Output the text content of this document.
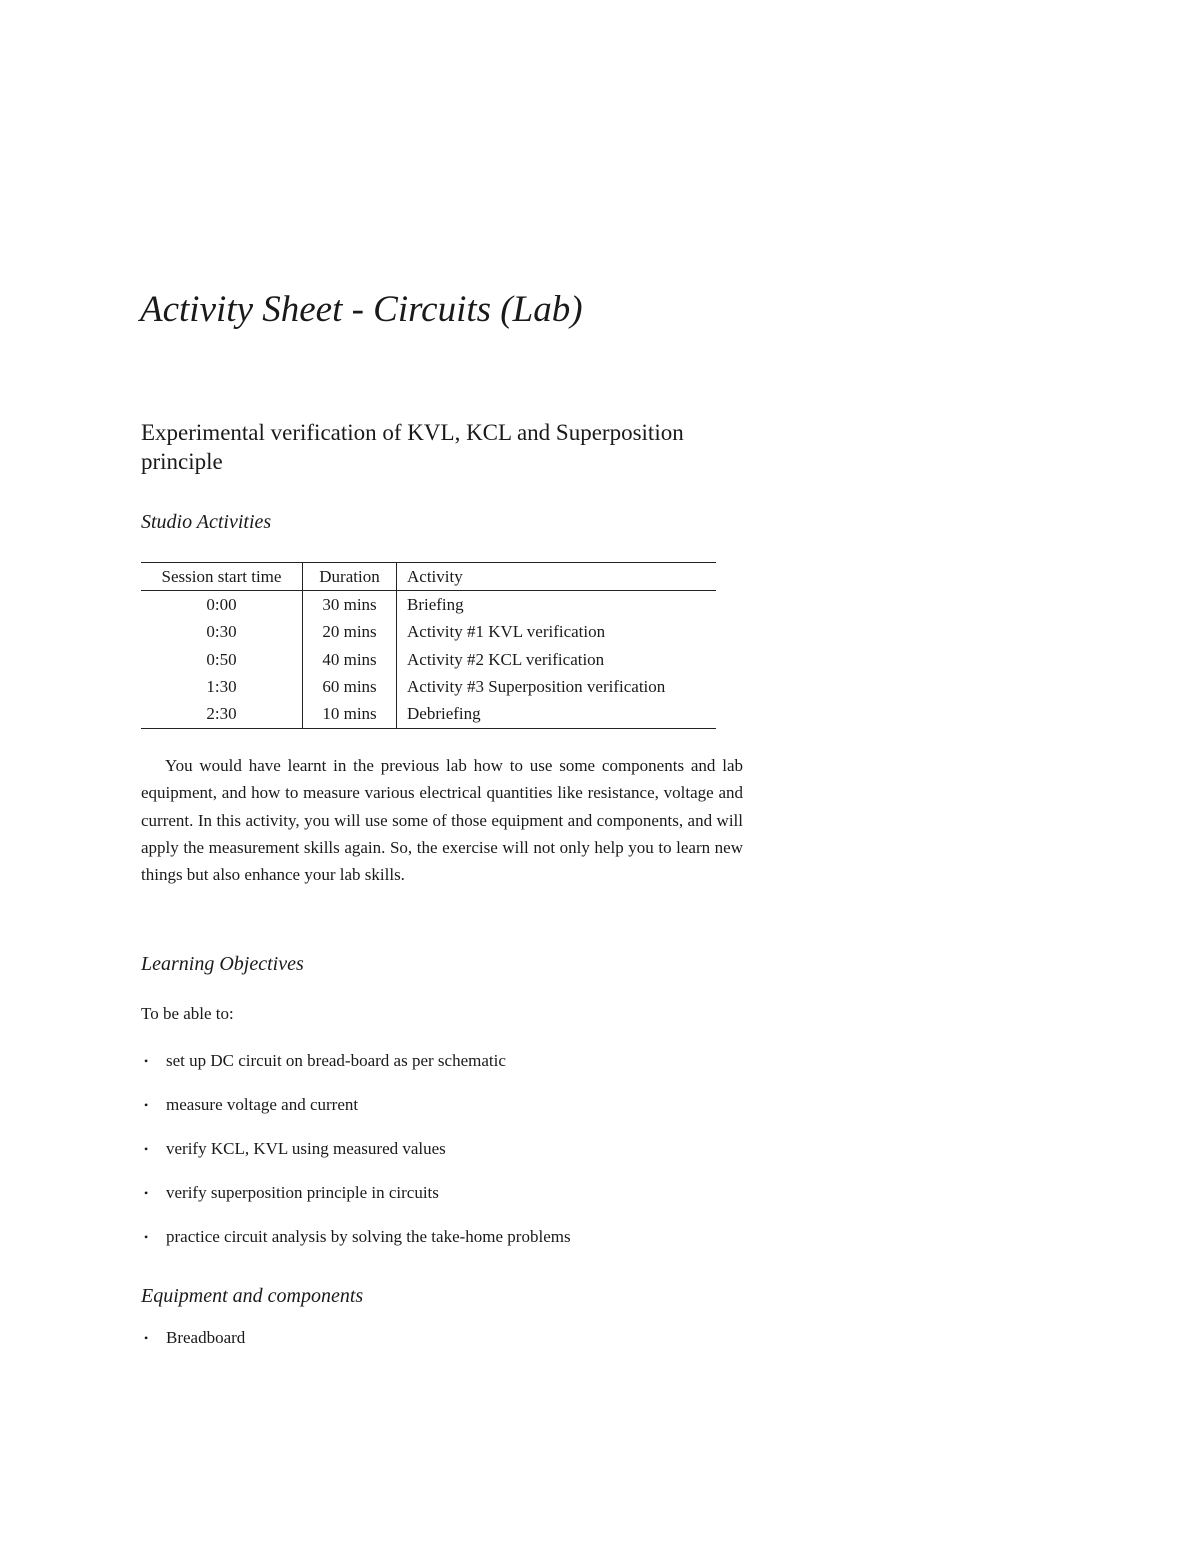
Activity Sheet - Circuits (Lab)
Experimental verification of KVL, KCL and Superposition principle
Studio Activities
Session start time	Duration	Activity
0:00	30 mins	Briefing
0:30	20 mins	Activity #1 KVL verification
0:50	40 mins	Activity #2 KCL verification
1:30	60 mins	Activity #3 Superposition verification
2:30	10 mins	Debriefing

You would have learnt in the previous lab how to use some components and lab equipment, and how to measure various electrical quantities like resistance, voltage and current. In this activity, you will use some of those equipment and components, and will apply the measurement skills again. So, the exercise will not only help you to learn new things but also enhance your lab skills.

Learning Objectives

To be able to:

• set up DC circuit on bread-board as per schematic
• measure voltage and current
• verify KCL, KVL using measured values
• verify superposition principle in circuits
• practice circuit analysis by solving the take-home problems
Equipment and components
• Breadboard
